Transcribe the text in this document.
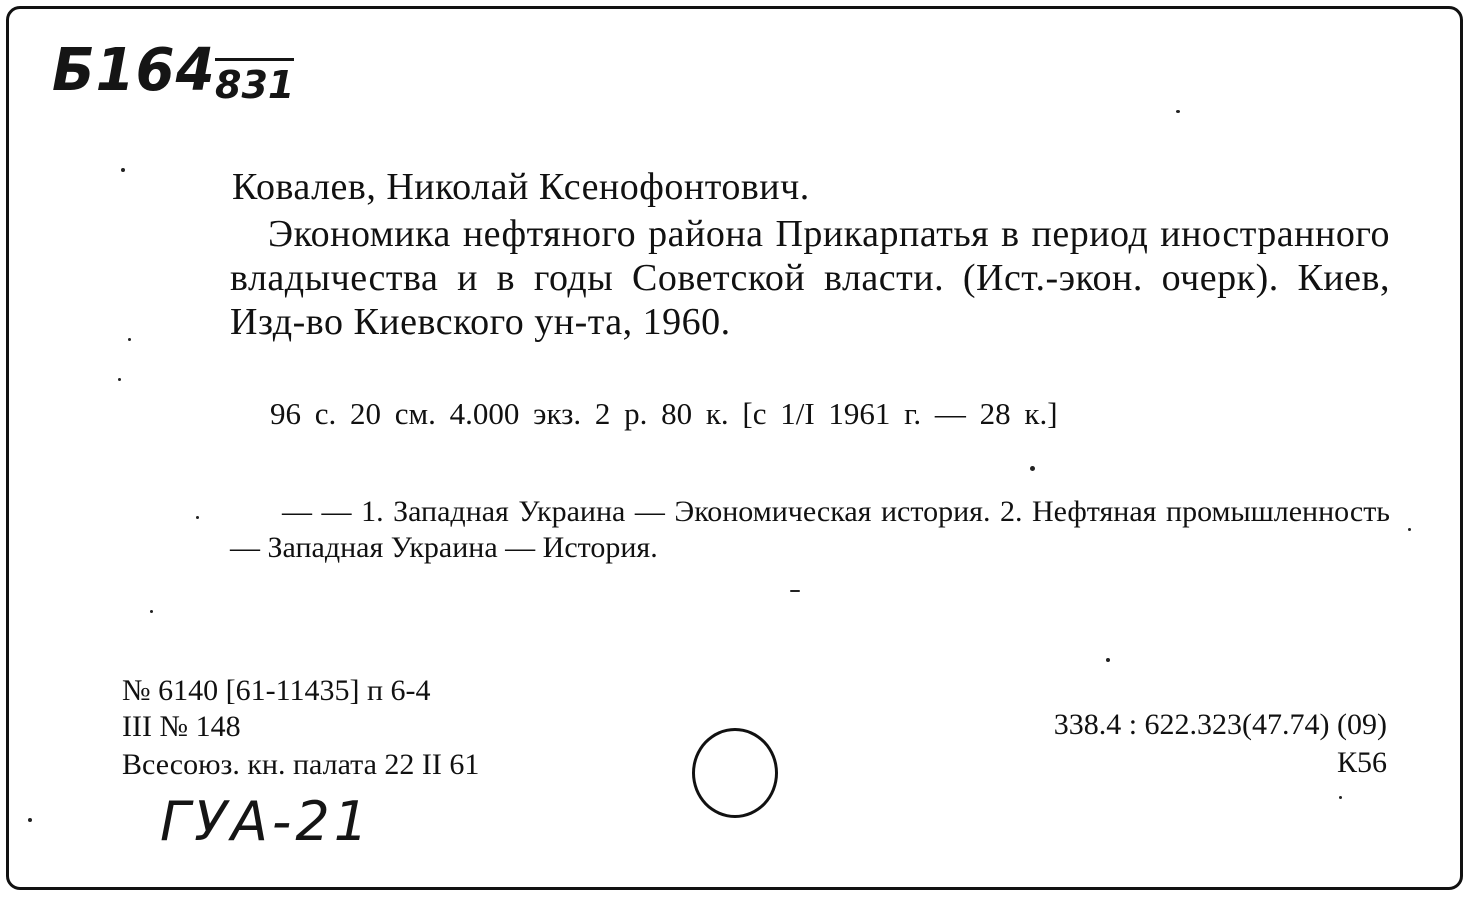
Б164 831
Ковалев, Николай Ксенофонтович.
Экономика нефтяного района Прикарпатья в период иностранного владычества и в годы Советской власти. (Ист.-экон. очерк). Киев, Изд-во Киевского ун-та, 1960.
96 с. 20 см. 4.000 экз. 2 р. 80 к. [с 1/I 1961 г. — 28 к.]
— — 1. Западная Украина — Экономическая история. 2. Нефтяная промышленность — Западная Украина — История.
№ 6140 [61-11435] п 6-4
III № 148
Всесоюз. кн. палата 22 II 61
338.4 : 622.323(47.74) (09)
К56
ГУА-21
